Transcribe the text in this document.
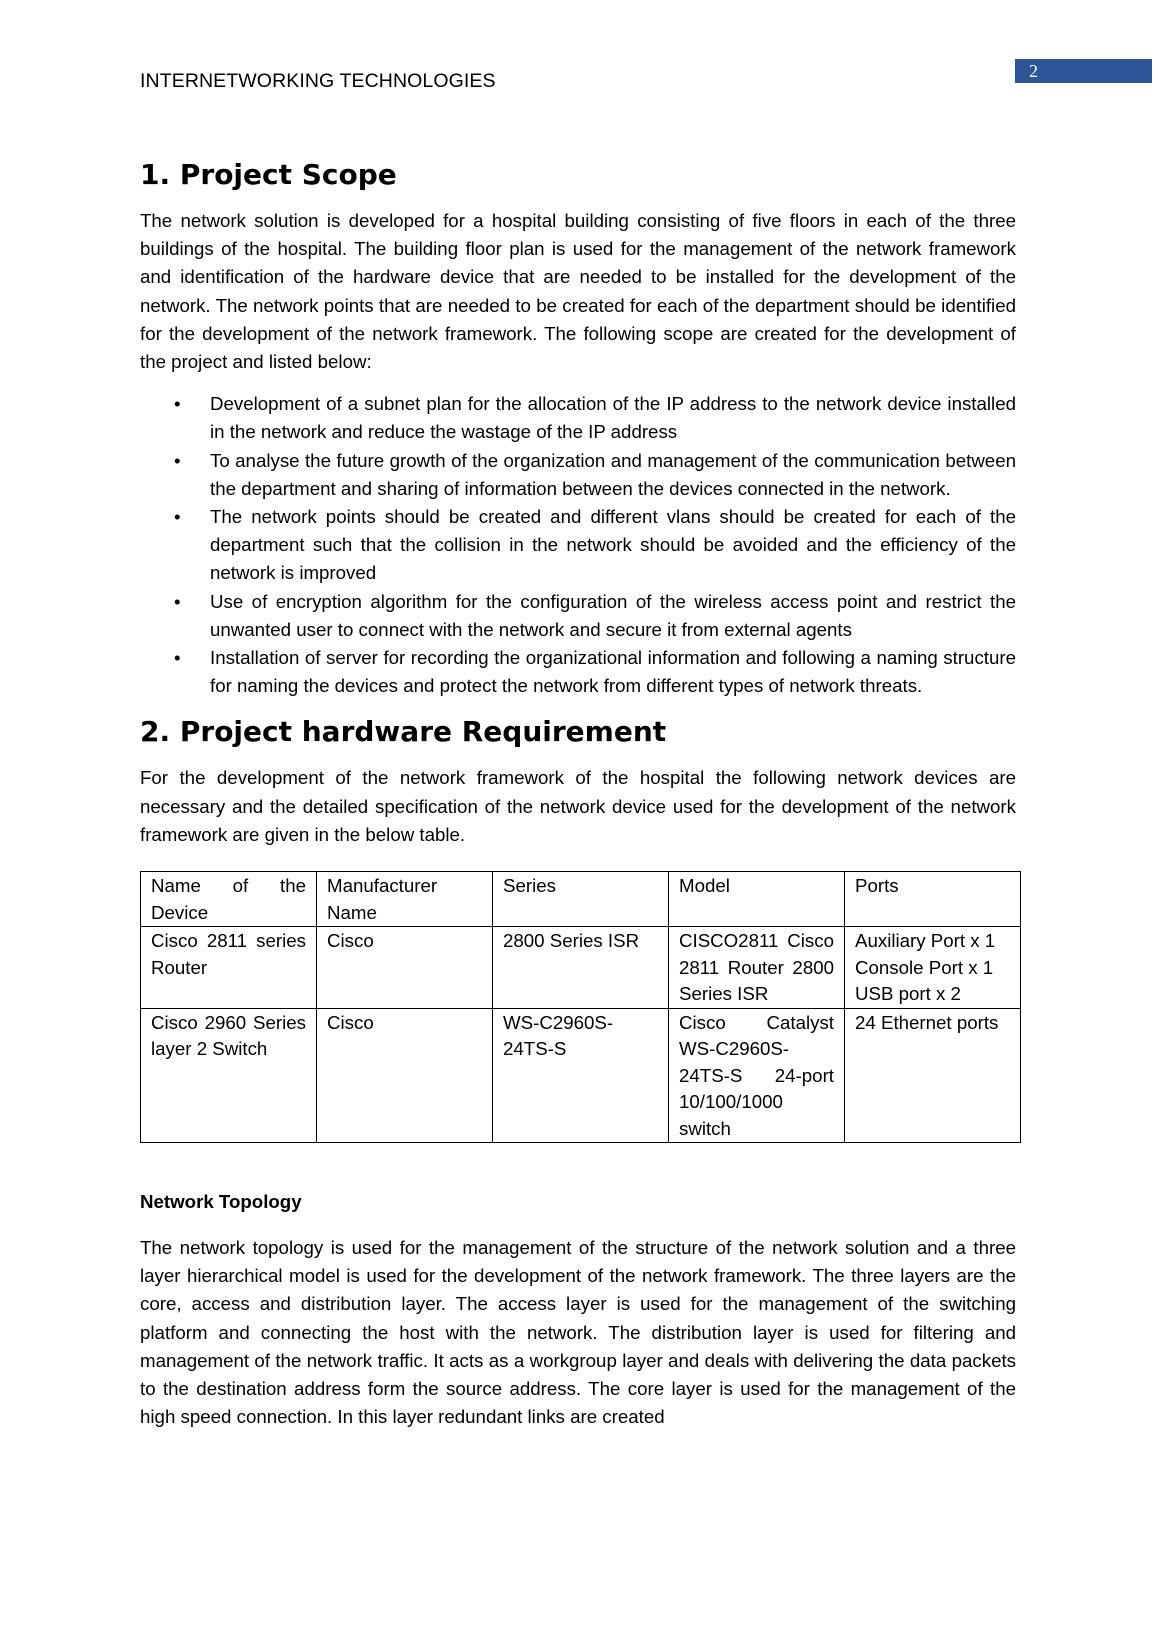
2
INTERNETWORKING TECHNOLOGIES
1. Project Scope

The network solution is developed for a hospital building consisting of five floors in each of the three buildings of the hospital. The building floor plan is used for the management of the network framework and identification of the hardware device that are needed to be installed for the development of the network. The network points that are needed to be created for each of the department should be identified for the development of the network framework. The following scope are created for the development of the project and listed below:

• Development of a subnet plan for the allocation of the IP address to the network device installed in the network and reduce the wastage of the IP address
• To analyse the future growth of the organization and management of the communication between the department and sharing of information between the devices connected in the network.
• The network points should be created and different vlans should be created for each of the department such that the collision in the network should be avoided and the efficiency of the network is improved
• Use of encryption algorithm for the configuration of the wireless access point and restrict the unwanted user to connect with the network and secure it from external agents
• Installation of server for recording the organizational information and following a naming structure for naming the devices and protect the network from different types of network threats.
2. Project hardware Requirement

For the development of the network framework of the hospital the following network devices are necessary and the detailed specification of the network device used for the development of the network framework are given in the below table.

Name of the Device	Manufacturer Name	Series	Model	Ports
Cisco 2811 series Router	Cisco	2800 Series ISR	CISCO2811 Cisco 2811 Router 2800 Series ISR	Auxiliary Port x 1
Console Port x 1
USB port x 2

Cisco 2960 Series layer 2 Switch	Cisco	WS-C2960S-24TS-S	Cisco Catalyst WS-C2960S-24TS-S 24-port 10/100/1000 switch	24 Ethernet ports
Network Topology

The network topology is used for the management of the structure of the network solution and a three layer hierarchical model is used for the development of the network framework. The three layers are the core, access and distribution layer. The access layer is used for the management of the switching platform and connecting the host with the network. The distribution layer is used for filtering and management of the network traffic. It acts as a workgroup layer and deals with delivering the data packets to the destination address form the source address. The core layer is used for the management of the high speed connection. In this layer redundant links are created
